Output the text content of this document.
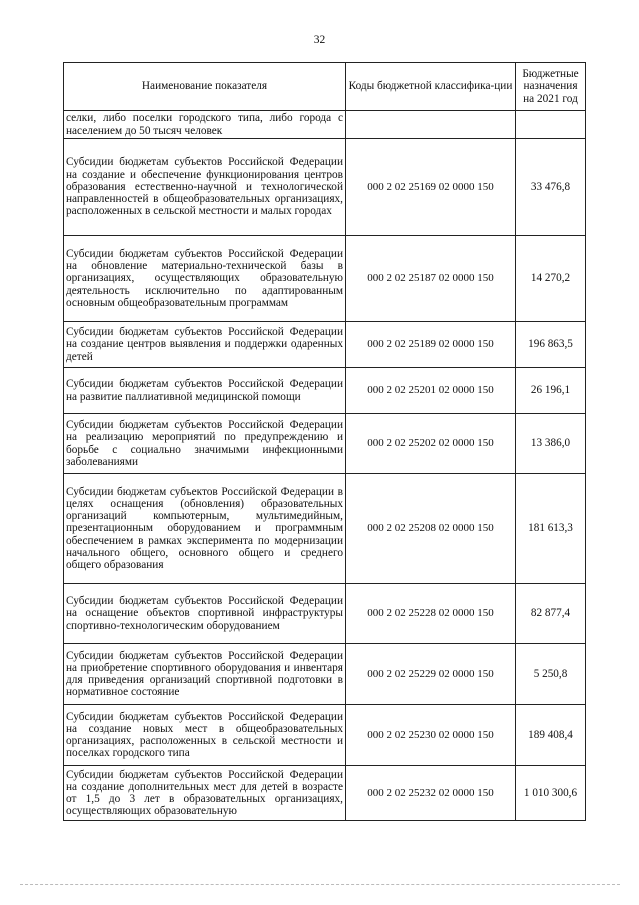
32
Наименование показателя	Коды бюджетной классифика-ции	Бюджетные назначения на 2021 год
селки, либо поселки городского типа, либо города с населением до 50 тысяч человек		
Субсидии бюджетам субъектов Российской Федерации на создание и обеспечение функционирования центров образования естественно-научной и технологической направленностей в общеобразовательных организациях, расположенных в сельской местности и малых городах	000 2 02 25169 02 0000 150	33 476,8
Субсидии бюджетам субъектов Российской Федерации на обновление материально-технической базы в организациях, осуществляющих образовательную деятельность исключительно по адаптированным основным общеобразовательным программам	000 2 02 25187 02 0000 150	14 270,2
Субсидии бюджетам субъектов Российской Федерации на создание центров выявления и поддержки одаренных детей	000 2 02 25189 02 0000 150	196 863,5
Субсидии бюджетам субъектов Российской Федерации на развитие паллиативной медицинской помощи	000 2 02 25201 02 0000 150	26 196,1
Субсидии бюджетам субъектов Российской Федерации на реализацию мероприятий по предупреждению и борьбе с социально значимыми инфекционными заболеваниями	000 2 02 25202 02 0000 150	13 386,0
Субсидии бюджетам субъектов Российской Федерации в целях оснащения (обновления) образовательных организаций компьютерным, мультимедийным, презентационным оборудованием и программным обеспечением в рамках эксперимента по модернизации начального общего, основного общего и среднего общего образования	000 2 02 25208 02 0000 150	181 613,3
Субсидии бюджетам субъектов Российской Федерации на оснащение объектов спортивной инфраструктуры спортивно-технологическим оборудованием	000 2 02 25228 02 0000 150	82 877,4
Субсидии бюджетам субъектов Российской Федерации на приобретение спортивного оборудования и инвентаря для приведения организаций спортивной подготовки в нормативное состояние	000 2 02 25229 02 0000 150	5 250,8
Субсидии бюджетам субъектов Российской Федерации на создание новых мест в общеобразовательных организациях, расположенных в сельской местности и поселках городского типа	000 2 02 25230 02 0000 150	189 408,4
Субсидии бюджетам субъектов Российской Федерации на создание дополнительных мест для детей в возрасте от 1,5 до 3 лет в образовательных организациях, осуществляющих образовательную	000 2 02 25232 02 0000 150	1 010 300,6
